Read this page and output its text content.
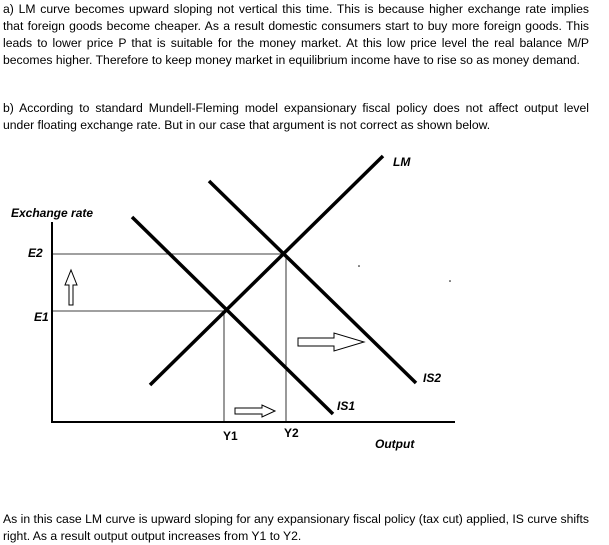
a) LM curve becomes upward sloping not vertical this time. This is because higher exchange rate implies that foreign goods become cheaper. As a result domestic consumers start to buy more foreign goods. This leads to lower price P that is suitable for the money market. At this low price level the real balance M/P becomes higher. Therefore to keep money market in equilibrium income have to rise so as money demand.

b) According to standard Mundell-Fleming model expansionary fiscal policy does not affect output level under floating exchange rate. But in our case that argument is not correct as shown below.

LM
IS1
IS2
Exchange rate
Output
E2
E1
Y1	Y2

As in this case LM curve is upward sloping for any expansionary fiscal policy (tax cut) applied, IS curve shifts right. As a result output output increases from Y1 to Y2.
